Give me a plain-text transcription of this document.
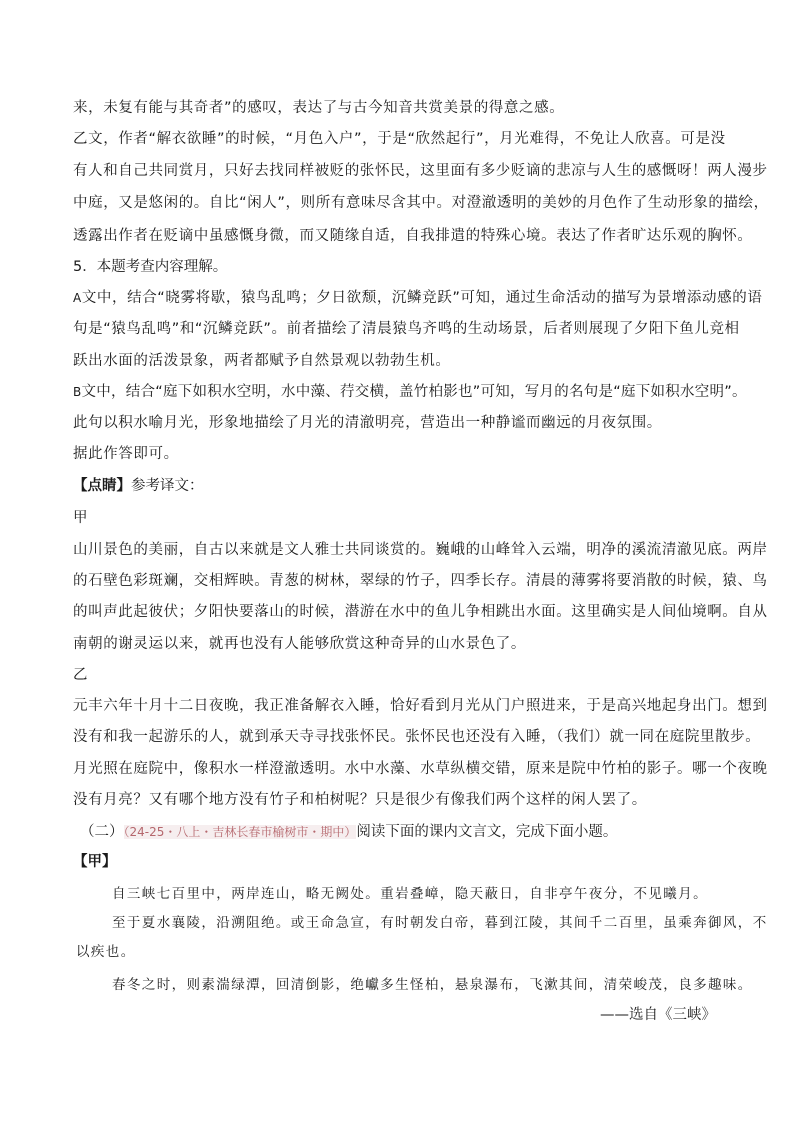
来，未复有能与其奇者”的感叹，表达了与古今知音共赏美景的得意之感。
乙文，作者“解衣欲睡”的时候，“月色入户”，于是“欣然起行”，月光难得，不免让人欣喜。可是没
有人和自己共同赏月，只好去找同样被贬的张怀民，这里面有多少贬谪的悲凉与人生的感慨呀！两人漫步
中庭，又是悠闲的。自比“闲人”，则所有意味尽含其中。对澄澈透明的美妙的月色作了生动形象的描绘，
透露出作者在贬谪中虽感慨身微，而又随缘自适，自我排遣的特殊心境。表达了作者旷达乐观的胸怀。
5．本题考查内容理解。
A文中，结合“晓雾将歇，猿鸟乱鸣；夕日欲颓，沉鳞竞跃”可知，通过生命活动的描写为景增添动感的语
句是“猿鸟乱鸣”和“沉鳞竞跃”。前者描绘了清晨猿鸟齐鸣的生动场景，后者则展现了夕阳下鱼儿竞相
跃出水面的活泼景象，两者都赋予自然景观以勃勃生机。
B文中，结合“庭下如积水空明，水中藻、荇交横，盖竹柏影也”可知，写月的名句是“庭下如积水空明”。
此句以积水喻月光，形象地描绘了月光的清澈明亮，营造出一种静谧而幽远的月夜氛围。
据此作答即可。
【点睛】参考译文：
甲
山川景色的美丽，自古以来就是文人雅士共同谈赏的。巍峨的山峰耸入云端，明净的溪流清澈见底。两岸
的石壁色彩斑斓，交相辉映。青葱的树林，翠绿的竹子，四季长存。清晨的薄雾将要消散的时候，猿、鸟
的叫声此起彼伏；夕阳快要落山的时候，潜游在水中的鱼儿争相跳出水面。这里确实是人间仙境啊。自从
南朝的谢灵运以来，就再也没有人能够欣赏这种奇异的山水景色了。
乙
元丰六年十月十二日夜晚，我正准备解衣入睡，恰好看到月光从门户照进来，于是高兴地起身出门。想到
没有和我一起游乐的人，就到承天寺寻找张怀民。张怀民也还没有入睡，（我们）就一同在庭院里散步。
月光照在庭院中，像积水一样澄澈透明。水中水藻、水草纵横交错，原来是院中竹柏的影子。哪一个夜晚
没有月亮？又有哪个地方没有竹子和柏树呢？只是很少有像我们两个这样的闲人罢了。
（二）（24-25・八上・吉林长春市榆树市・期中）阅读下面的课内文言文，完成下面小题。
【甲】
自三峡七百里中，两岸连山，略无阙处。重岩叠嶂，隐天蔽日，自非亭午夜分，不见曦月。
至于夏水襄陵，沿溯阻绝。或王命急宣，有时朝发白帝，暮到江陵，其间千二百里，虽乘奔御风，不
以疾也。
春冬之时，则素湍绿潭，回清倒影，绝巘多生怪柏，悬泉瀑布，飞漱其间，清荣峻茂，良多趣味。
——选自《三峡》
